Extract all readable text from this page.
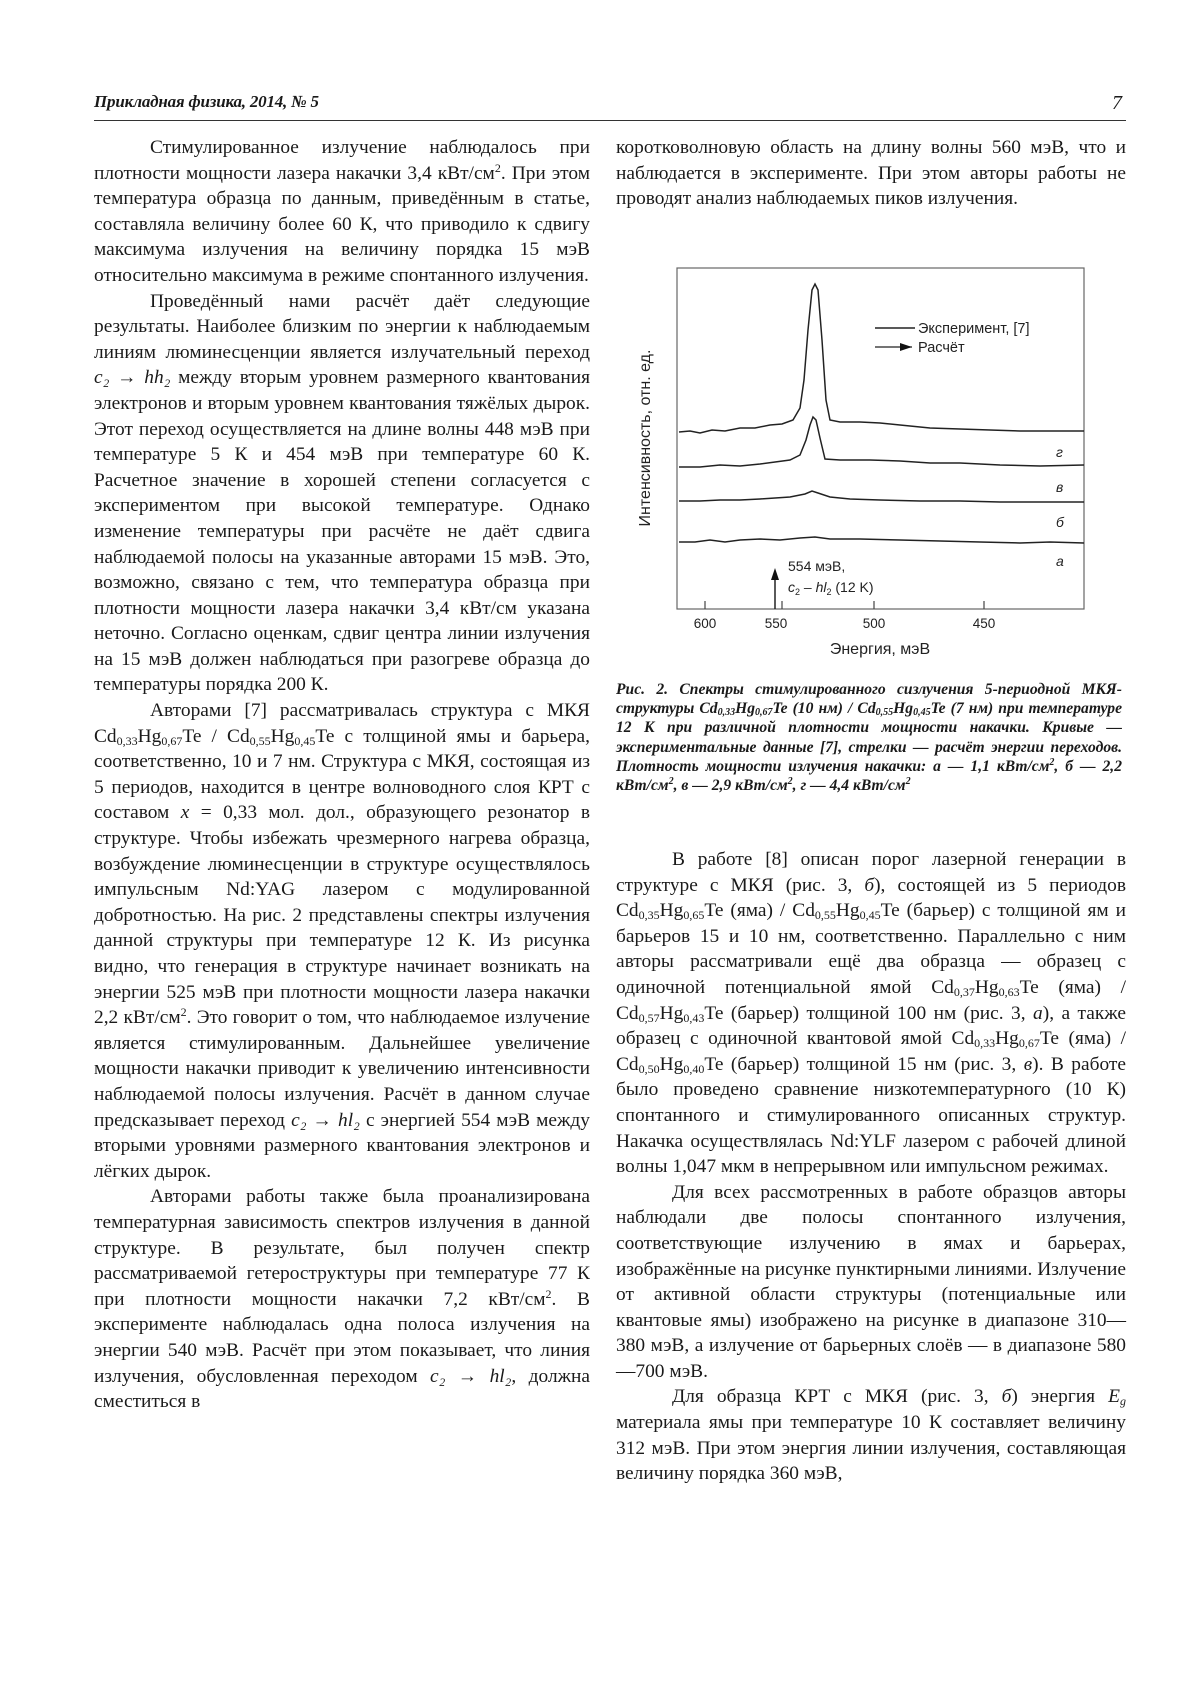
Прикладная физика, 2014, № 5	7

Стимулированное излучение наблюдалось при плотности мощности лазера накачки 3,4 кВт/$см^2$. При этом температура образца по данным, приведённым в статье, составляла величину более 60 К, что приводило к сдвигу максимума излучения на величину порядка 15 мэВ относительно максимума в режиме спонтанного излучения.

Проведённый нами расчёт даёт следующие результаты. Наиболее близким по энергии к наблюдаемым линиям люминесценции является излучательный переход c₂ → hh₂ между вторым уровнем размерного квантования электронов и вторым уровнем квантования тяжёлых дырок. Этот переход осуществляется на длине волны 448 мэВ при температуре 5 К и 454 мэВ при температуре 60 К. Расчетное значение в хорошей степени согласуется с экспериментом при высокой температуре. Однако изменение температуры при расчёте не даёт сдвига наблюдаемой полосы на указанные авторами 15 мэВ. Это, возможно, связано с тем, что температура образца при плотности мощности лазера накачки 3,4 кВт/см указана неточно. Согласно оценкам, сдвиг центра линии излучения на 15 мэВ должен наблюдаться при разогреве образца до температуры порядка 200 К.

Авторами [7] рассматривалась структура с МКЯ $Cd_{0,33}Hg_{0,67}Te / Cd_{0,55}Hg_{0,45}Te$ с толщиной ямы и барьера, соответственно, 10 и 7 нм. Структура с МКЯ, состоящая из 5 периодов, находится в центре волноводного слоя КРТ с составом x = 0,33 мол. дол., образующего резонатор в структуре. Чтобы избежать чрезмерного нагрева образца, возбуждение люминесценции в структуре осуществлялось импульсным Nd:YAG лазером с модулированной добротностью. На рис. 2 представлены спектры излучения данной структуры при температуре 12 К. Из рисунка видно, что генерация в структуре начинает возникать на энергии 525 мэВ при плотности мощности лазера накачки 2,2 кВт/$см^2$. Это говорит о том, что наблюдаемое излучение является стимулированным. Дальнейшее увеличение мощности накачки приводит к увеличению интенсивности наблюдаемой полосы излучения. Расчёт в данном случае предсказывает переход c₂ → hl₂ с энергией 554 мэВ между вторыми уровнями размерного квантования электронов и лёгких дырок.

Авторами работы также была проанализирована температурная зависимость спектров излучения в данной структуре. В результате, был получен спектр рассматриваемой гетероструктуры при температуре 77 К при плотности мощности накачки 7,2 кВт/$см^2$. В эксперименте наблюдалась одна полоса излучения на энергии 540 мэВ. Расчёт при этом показывает, что линия излучения, обусловленная переходом c₂ → hl₂, должна сместиться в

коротковолновую область на длину волны 560 мэВ, что и наблюдается в эксперименте. При этом авторы работы не проводят анализ наблюдаемых пиков излучения.

600	550	500	450
Энергия, мэВ
Интенсивность, отн. ед.	г
в
б
а
Эксперимент, [7]
Расчёт
554 мэВ,
$c_2 - hl_2$ (12 K)
Рис. 2. Спектры стимулированного сизлучения 5-периодной МКЯ-структуры $Cd_{0,33}Hg_{0,67}Te$ (10 $нм) / Cd_{0,55}Hg_{0,45}Te$ (7 нм) при температуре 12 К при различной плотности мощности накачки. Кривые — экспериментальные данные [7], стрелки — расчёт энергии переходов. Плотность мощности излучения накачки: а — 1,1 кВт/$см^2$, б — 2,2 кВт/$см^2$, в — 2,9 кВт/$см^2$, г — 4,4 кВт/$см^2$

В работе [8] описан порог лазерной генерации в структуре с МКЯ (рис. 3, б), состоящей из 5 периодов $Cd_{0,35}Hg_{0,65}Te$ $(яма) / Cd_{0,55}Hg_{0,45}Te$ (барьер) с толщиной ям и барьеров 15 и 10 нм, соответственно. Параллельно с ним авторы рассматривали ещё два образца — образец с одиночной потенциальной ямой $Cd_{0,37}Hg_{0,63}Te$ $(яма) / Cd_{0,57}Hg_{0,43}Te$ (барьер) толщиной 100 нм (рис. 3, а), а также образец с одиночной квантовой ямой $Cd_{0,33}Hg_{0,67}Te$ $(яма) / Cd_{0,50}Hg_{0,40}Te$ (барьер) толщиной 15 нм (рис. 3, в). В работе было проведено сравнение низкотемпературного (10 К) спонтанного и стимулированного описанных структур. Накачка осуществлялась Nd:YLF лазером с рабочей длиной волны 1,047 мкм в непрерывном или импульсном режимах.

Для всех рассмотренных в работе образцов авторы наблюдали две полосы спонтанного излучения, соответствующие излучению в ямах и барьерах, изображённые на рисунке пунктирными линиями. Излучение от активной области структуры (потенциальные или квантовые ямы) изображено на рисунке в диапазоне 310—380 мэВ, а излучение от барьерных слоёв — в диапазоне 580—700 мэВ.

Для образца КРТ с МКЯ (рис. 3, б) энергия $E_g$ материала ямы при температуре 10 К составляет величину 312 мэВ. При этом энергия линии излучения, составляющая величину порядка 360 мэВ,
